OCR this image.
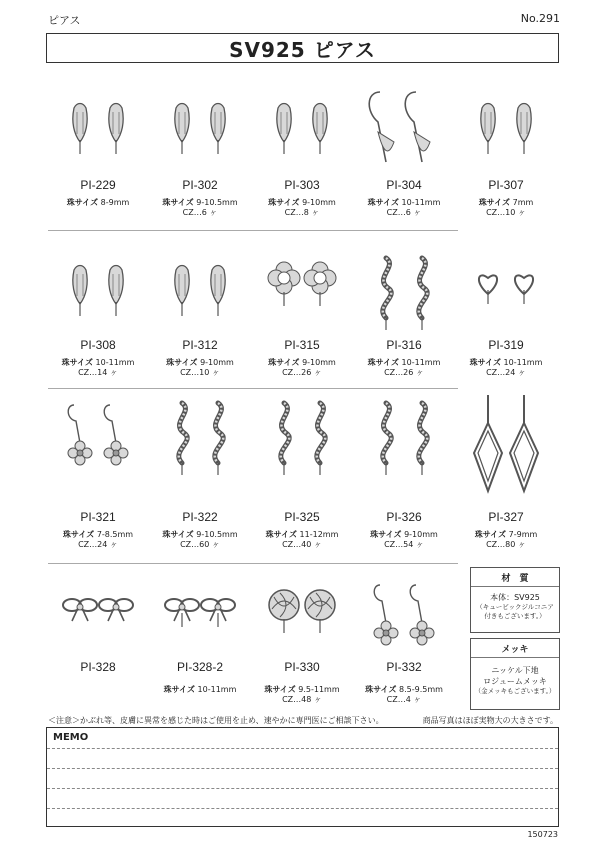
ピアス	No.291
SV925 ピアス
PI-229
珠サイズ 8-9mm
PI-302
珠サイズ 9-10.5mm
CZ…6 ヶ
PI-303
珠サイズ 9-10mm
CZ…8 ヶ
PI-304
珠サイズ 10-11mm
CZ…6 ヶ
PI-307
珠サイズ 7mm
CZ…10 ヶ
PI-308
珠サイズ 10-11mm
CZ…14 ヶ
PI-312
珠サイズ 9-10mm
CZ…10 ヶ
PI-315
珠サイズ 9-10mm
CZ…26 ヶ
PI-316
珠サイズ 10-11mm
CZ…26 ヶ
PI-319
珠サイズ 10-11mm
CZ…24 ヶ
PI-321
珠サイズ 7-8.5mm
CZ…24 ヶ
PI-322
珠サイズ 9-10.5mm
CZ…60 ヶ
PI-325
珠サイズ 11-12mm
CZ…40 ヶ
PI-326
珠サイズ 9-10mm
CZ…54 ヶ
PI-327
珠サイズ 7-9mm
CZ…80 ヶ
PI-328	PI-328-2
珠サイズ 10-11mm
PI-330
珠サイズ 9.5-11mm
CZ…48 ヶ
PI-332
珠サイズ 8.5-9.5mm
CZ…4 ヶ
材　質
本体：SV925
（キュービックジルコニア
付きもございます。）
メッキ
ニッケル下地
ロジュームメッキ
（金メッキもございます。）
＜注意＞かぶれ等、皮膚に異常を感じた時はご使用を止め、速やかに専門医にご相談下さい。	商品写真はほぼ実物大の大きさです。
MEMO
150723
